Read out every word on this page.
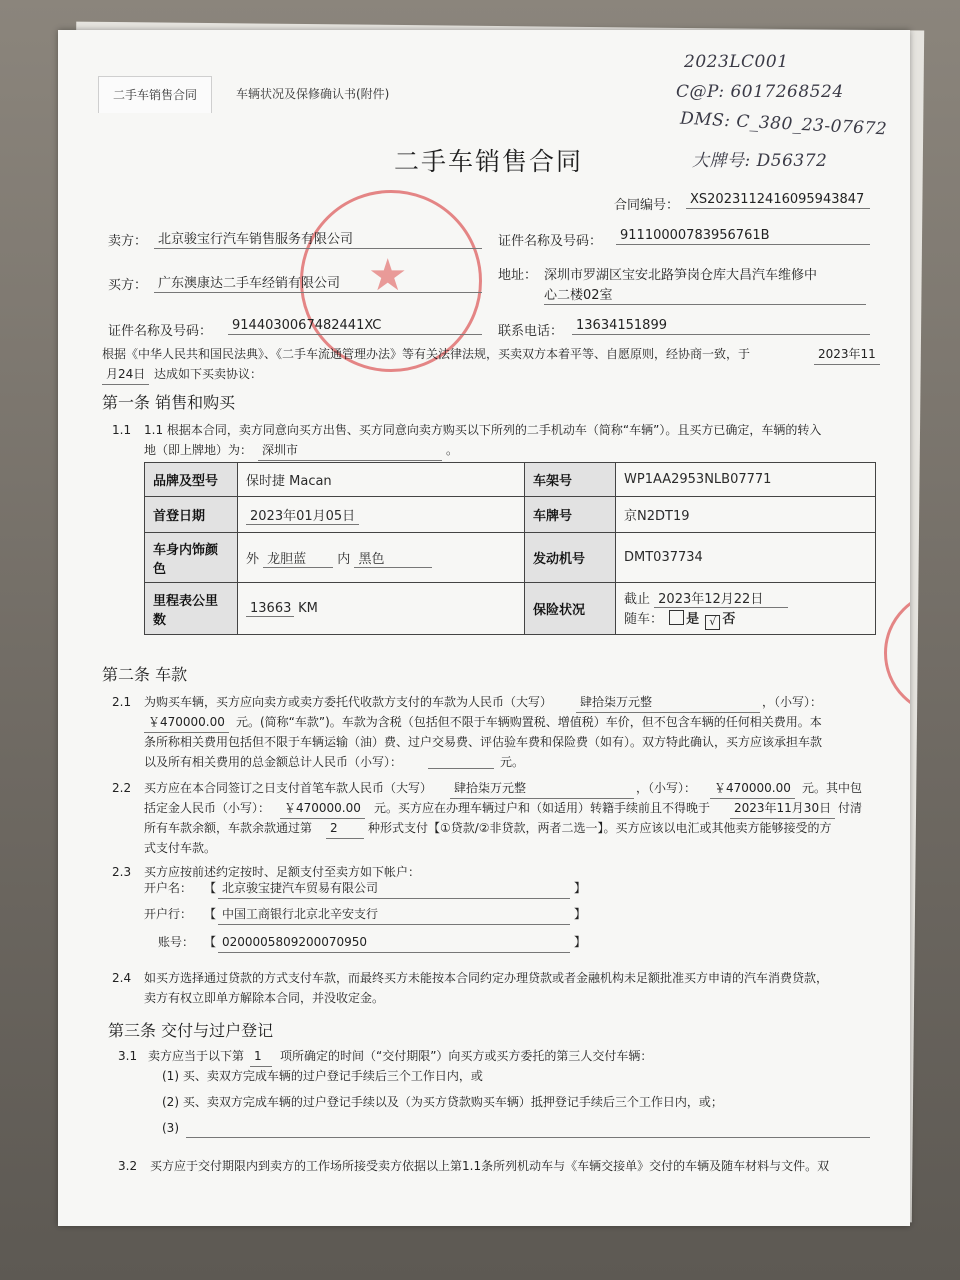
二手车销售合同	车辆状况及保修确认书(附件)
2023LC001
C@P: 6017268524
DMS: C_380_23-07672
大牌号: D56372
★
二手车销售合同
合同编号： XS2023112416095943847
卖方： 北京骏宝行汽车销售服务有限公司	证件名称及号码：	91110000783956761B
买方： 广东澳康达二手车经销有限公司
地址： 深圳市罗湖区宝安北路笋岗仓库大昌汽车维修中
心二楼02室
证件名称及号码：	914403006748244​1XC	联系电话： 13634151899
根据《中华人民共和国民法典》、《二手车流通管理办法》等有关法律法规，买卖双方本着平等、自愿原则，经协商一致，于	2023年11
月24日 达成如下买卖协议：
第一条 销售和购买
1.1 1.1 根据本合同，卖方同意向买方出售、买方同意向卖方购买以下所列的二手机动车（简称“车辆”）。且买方已确定，车辆的转入
地（即上牌地）为： 深圳市	。
品牌及型号	保时捷 Macan	车架号	WP1AA2953NLB07771
首登日期	2023年01月05日	车牌号	京N2DT19
车身内饰颜
色	外 龙胆蓝 内 黑色	发动机号	DMT037734
里程表公里
数	13663 KM	保险状况	截止 2023年12月22日
随车： 是 √ 否
第二条 车款
2.1 为购买车辆，买方应向卖方或卖方委托代收款方支付的车款为人民币（大写）	肆拾柒万元整	，（小写）：
￥470000.00 元。(简称“车款”)。车款为含税（包括但不限于车辆购置税、增值税）车价，但不包含车辆的任何相关费用。本
条所称相关费用包括但不限于车辆运输（油）费、过户交易费、评估验车费和保险费（如有）。双方特此确认，买方应该承担车款
以及所有相关费用的总金额总计人民币（小写）：	元。
2.2 买方应在本合同签订之日支付首笔车款人民币（大写）	肆拾柒万元整	，（小写）：	￥470000.00 元。其中包
括定金人民币（小写）：	￥470000.00	元。买方应在办理车辆过户和（如适用）转籍手续前且不得晚于	2023年11月30日 付清
所有车款余额，车款余款通过第	2	种形式支付【①贷款/②非贷款，两者二选一】。买方应该以电汇或其他卖方能够接受的方
式支付车款。
2.3 买方应按前述约定按时、足额支付至卖方如下帐户：
开户名： 【 北京骏宝捷汽车贸易有限公司	】
开户行： 【 中国工商银行北京北辛安支行	】
账号： 【 0200005809200070950	】
2.4 如买方选择通过贷款的方式支付车款，而最终买方未能按本合同约定办理贷款或者金融机构未足额批准买方申请的汽车消费贷款，
卖方有权立即单方解除本合同，并没收定金。
第三条 交付与过户登记
3.1 卖方应当于以下第 1	项所确定的时间（“交付期限”）向买方或买方委托的第三人交付车辆：
(1) 买、卖双方完成车辆的过户登记手续后三个工作日内，或
(2) 买、卖双方完成车辆的过户登记手续以及（为买方贷款购买车辆）抵押登记手续后三个工作日内，或；
(3)
3.2 买方应于交付期限内到卖方的工作场所接受卖方依据以上第1.1条所列机动车与《车辆交接单》交付的车辆及随车材料与文件。双
